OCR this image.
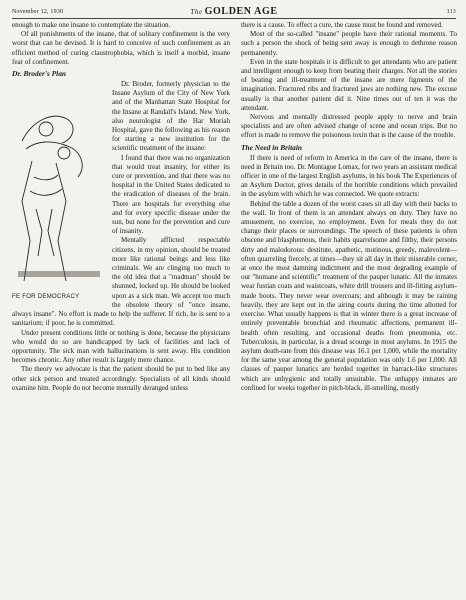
November 12, 1930	The GOLDEN AGE	113

enough to make one insane to contemplate the situation.

Of all punishments of the insane, that of solitary confinement is the very worst that can be devised. It is hard to conceive of such confinement as an efficient method of curing claustrophobia, which is itself a morbid, insane fear of confinement.

Dr. Broder's Plan
FE FOR DEMOCRACY

Dr. Broder, formerly physician to the Insane Asylum of the City of New York and of the Manhattan State Hospital for the Insane at Randall's Island, New York, also neurologist of the Har Moriah Hospital, gave the following as his reason for starting a new institution for the scientific treatment of the insane:

I found that there was no organization that would treat insanity, for either its cure or prevention, and that there was no hospital in the United States dedicated to the eradication of diseases of the brain. There are hospitals for everything else and for every specific disease under the sun, but none for the prevention and cure of insanity.

Mentally afflicted respectable citizens, in my opinion, should be treated more like rational beings and less like criminals. We are clinging too much to the old idea that a "madman" should be shunned, locked up. He should be looked upon as a sick man. We accept too much the obsolete theory of "once insane, always insane". No effort is made to help the sufferer. If rich, he is sent to a sanitarium; if poor, he is committed.

Under present conditions little or nothing is done, because the physicians who would do so are handicapped by lack of facilities and lack of opportunity. The sick man with hallucinations is sent away. His condition becomes chronic. Any other result is largely mere chance.

The theory we advocate is that the patient should be put to bed like any other sick person and treated accordingly. Specialists of all kinds should examine him. People do not become mentally deranged unless

there is a cause. To effect a cure, the cause must be found and removed.

Most of the so-called "insane" people have their rational moments. To such a person the shock of being sent away is enough to dethrone reason permanently.

Even in the state hospitals it is difficult to get attendants who are patient and intelligent enough to keep from beating their charges. Not all the stories of beating and ill-treatment of the insane are mere figments of the imagination. Fractured ribs and fractured jaws are nothing new. The excuse usually is that another patient did it. Nine times out of ten it was the attendant.

Nervous and mentally distressed people apply to nerve and brain specialists and are often advised change of scene and ocean trips. But no effort is made to remove the poisonous toxin that is the cause of the trouble.

The Need in Britain

If there is need of reform in America in the care of the insane, there is need in Britain too. Dr. Montague Lomax, for two years an assistant medical officer in one of the largest English asylums, in his book The Experiences of an Asylum Doctor, gives details of the horrible conditions which prevailed in the asylum with which he was connected. We quote extracts:

Behind the table a dozen of the worst cases sit all day with their backs to the wall. In front of them is an attendant always on duty. They have no amusement, no exercise, no employment. Even for meals they do not change their places or surroundings. The speech of these patients is often obscene and blasphemous, their habits quarrelsome and filthy, their persons dirty and malodorous: destitute, apathetic, mutinous, greedy, malevolent—often quarreling fiercely, at times—they sit all day in their miserable corner, at once the most damning indictment and the most degrading example of our "humane and scientific" treatment of the pauper lunatic. All the inmates wear fustian coats and waistcoats, white drill trousers and ill-fitting asylum-made boots. They never wear overcoats; and although it may be raining heavily, they are kept out in the airing courts during the time allotted for exercise. What usually happens is that in winter there is a great increase of entirely preventable bronchial and rheumatic affections, permanent ill-health often resulting, and occasional deaths from pneumonia, etc. Tuberculosis, in particular, is a dread scourge in most asylums. In 1915 the asylum death-rate from this disease was 16.1 per 1,000, while the mortality for the same year among the general population was only 1.6 per 1,000. All classes of pauper lunatics are herded together in barrack-like structures which are unhygienic and totally unsuitable. The unhappy inmates are confined for weeks together in pitch-black, ill-smelling, mostly
